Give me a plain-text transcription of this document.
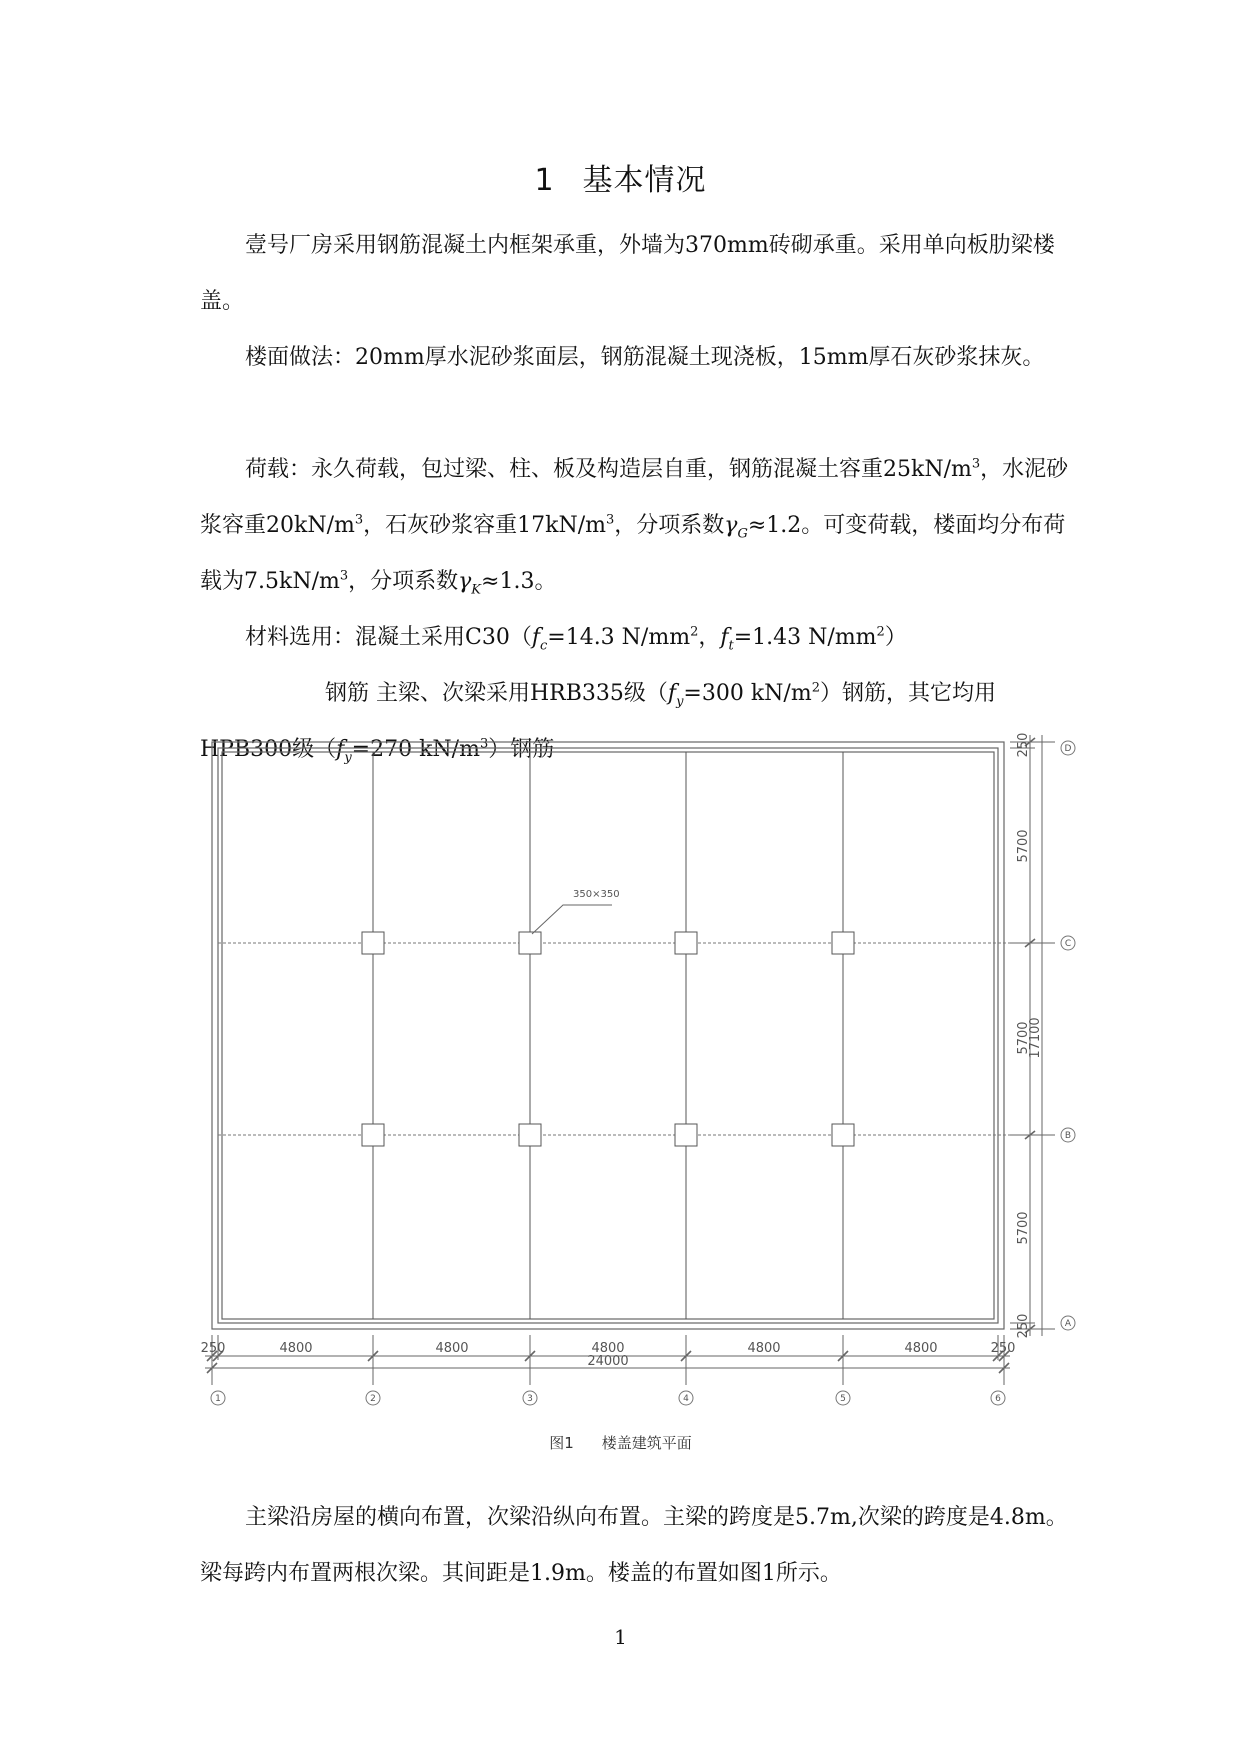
1 基本情况

壹号厂房采用钢筋混凝土内框架承重，外墙为370mm砖砌承重。采用单向板肋梁楼盖。

楼面做法：20mm厚水泥砂浆面层，钢筋混凝土现浇板，15mm厚石灰砂浆抹灰。

荷载：永久荷载，包过梁、柱、板及构造层自重，钢筋混凝土容重$25kN/m^3$，水泥砂浆容重$20kN/m^3$，石灰砂浆容重$17kN/m^3$，分项系数$\gamma_G\approx 1.2$。可变荷载，楼面均分布荷载为$7.5kN/m^3$，分项系数$\gamma_K\approx 1.3$。

材料选用：混凝土采用$C30(f_c=14.3$ $N/mm^2$，$f_t=1.43$ $N/mm^2$）

钢筋 主梁、次梁采用HRB335级（$f_y=300$ $kN/m^2$）钢筋，其它均用HPB300级（$f_y=270$ $kN/m^3$）钢筋

350×350
250	4800	4800	4800	4800	4800	250
24000
1	2	3	4	5	6
250
5700
5700
5700
250
17100
D
C
B
A
图1 楼盖建筑平面

主梁沿房屋的横向布置，次梁沿纵向布置。主梁的跨度是5.7m,次梁的跨度是4.8m。梁每跨内布置两根次梁。其间距是1.9m。楼盖的布置如图1所示。

1
